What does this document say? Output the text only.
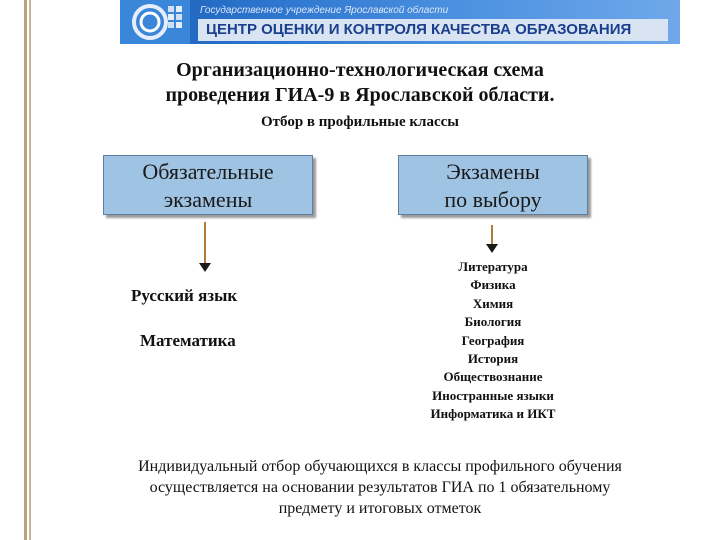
Государственное учреждение Ярославской области
ЦЕНТР ОЦЕНКИ И КОНТРОЛЯ КАЧЕСТВА ОБРАЗОВАНИЯ
Организационно-технологическая схема
проведения ГИА-9 в Ярославской области.
Отбор в профильные классы
Обязательные
экзамены
Экзамены
по выбору
Русский язык
Математика
Литература
Физика
Химия
Биология
География
История
Обществознание
Иностранные языки
Информатика и ИКТ
Индивидуальный отбор обучающихся в классы профильного обучения
осуществляется на основании результатов ГИА по 1 обязательному
предмету и итоговых отметок
